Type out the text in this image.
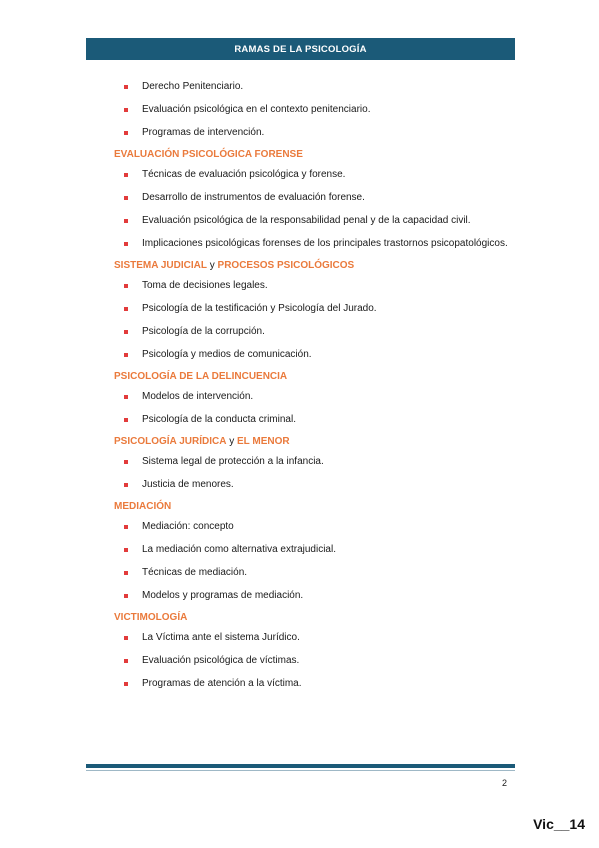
RAMAS DE LA PSICOLOGÍA
Derecho Penitenciario.
Evaluación psicológica en el contexto penitenciario.
Programas de intervención.
EVALUACIÓN PSICOLÓGICA FORENSE
Técnicas de evaluación psicológica y forense.
Desarrollo de instrumentos de evaluación forense.
Evaluación psicológica de la responsabilidad penal y de la capacidad civil.
Implicaciones psicológicas forenses de los principales trastornos psicopatológicos.
SISTEMA JUDICIAL y PROCESOS PSICOLÓGICOS
Toma de decisiones legales.
Psicología de la testificación y Psicología del Jurado.
Psicología de la corrupción.
Psicología y medios de comunicación.
PSICOLOGÍA DE LA DELINCUENCIA
Modelos de intervención.
Psicología de la conducta criminal.
PSICOLOGÍA JURÍDICA y EL MENOR
Sistema legal de protección a la infancia.
Justicia de menores.
MEDIACIÓN
Mediación: concepto
La mediación como alternativa extrajudicial.
Técnicas de mediación.
Modelos y programas de mediación.
VICTIMOLOGÍA
La Víctima ante el sistema Jurídico.
Evaluación psicológica de víctimas.
Programas de atención a la víctima.
2
Vic__14
